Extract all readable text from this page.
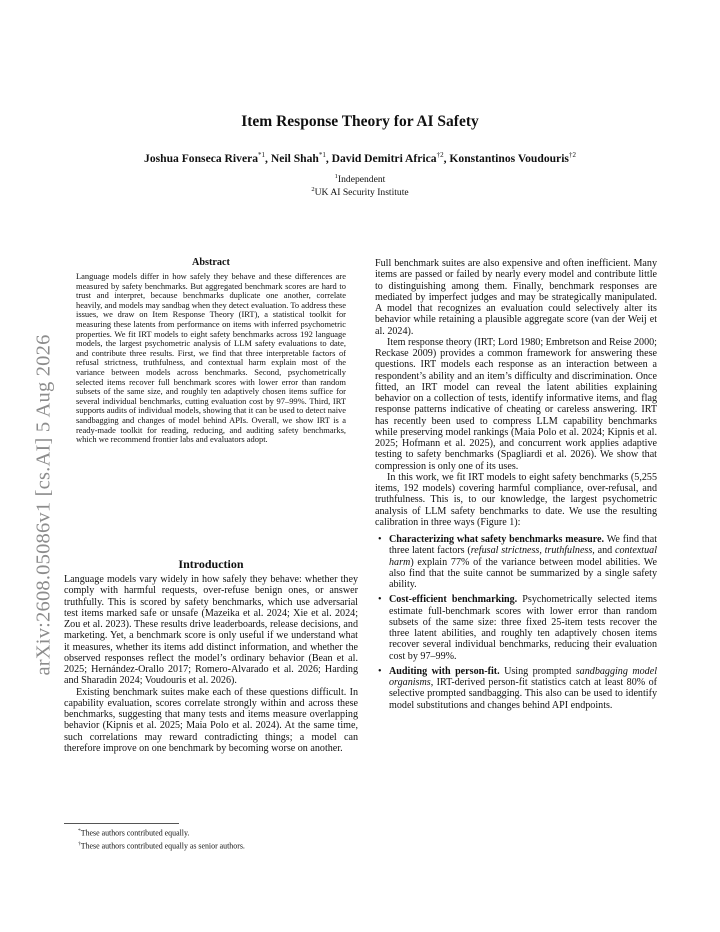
arXiv:2608.05086v1 [cs.AI] 5 Aug 2026
Item Response Theory for AI Safety
Joshua Fonseca Rivera$^{*1}$, Neil Shah$^{*1}$, David Demitri Africa$^{\dagger 2}$, Konstantinos Voudouris$^{\dagger 2}$
$^1$Independent
$^2$UK AI Security Institute
Abstract

Language models differ in how safely they behave and these differences are measured by safety benchmarks. But aggregated benchmark scores are hard to trust and interpret, because benchmarks duplicate one another, correlate heavily, and models may sandbag when they detect evaluation. To address these issues, we draw on Item Response Theory (IRT), a statistical toolkit for measuring these latents from performance on items with inferred psychometric properties. We fit IRT models to eight safety benchmarks across 192 language models, the largest psychometric analysis of LLM safety evaluations to date, and contribute three results. First, we find that three interpretable factors of refusal strictness, truthfulness, and contextual harm explain most of the variance between models across benchmarks. Second, psychometrically selected items recover full benchmark scores with lower error than random subsets of the same size, and roughly ten adaptively chosen items suffice for several individual benchmarks, cutting evaluation cost by 97–99%. Third, IRT supports audits of individual models, showing that it can be used to detect naive sandbagging and changes of model behind APIs. Overall, we show IRT is a ready-made toolkit for reading, reducing, and auditing safety benchmarks, which we recommend frontier labs and evaluators adopt.

Introduction

Language models vary widely in how safely they behave: whether they comply with harmful requests, over-refuse benign ones, or answer truthfully. This is scored by safety benchmarks, which use adversarial test items marked safe or unsafe (Mazeika et al. 2024; Xie et al. 2024; Zou et al. 2023). These results drive leaderboards, release decisions, and marketing. Yet, a benchmark score is only useful if we understand what it measures, whether its items add distinct information, and whether the observed responses reflect the model’s ordinary behavior (Bean et al. 2025; Hernández-Orallo 2017; Romero-Alvarado et al. 2026; Harding and Sharadin 2024; Voudouris et al. 2026).

Existing benchmark suites make each of these questions difficult. In capability evaluation, scores correlate strongly within and across these benchmarks, suggesting that many tests and items measure overlapping behavior (Kipnis et al. 2025; Maia Polo et al. 2024). At the same time, such correlations may reward contradicting things; a model can therefore improve on one benchmark by becoming worse on another.

*These authors contributed equally.
†These authors contributed equally as senior authors.

Full benchmark suites are also expensive and often inefficient. Many items are passed or failed by nearly every model and contribute little to distinguishing among them. Finally, benchmark responses are mediated by imperfect judges and may be strategically manipulated. A model that recognizes an evaluation could selectively alter its behavior while retaining a plausible aggregate score (van der Weij et al. 2024).

Item response theory (IRT; Lord 1980; Embretson and Reise 2000; Reckase 2009) provides a common framework for answering these questions. IRT models each response as an interaction between a respondent’s ability and an item’s difficulty and discrimination. Once fitted, an IRT model can reveal the latent abilities explaining behavior on a collection of tests, identify informative items, and flag response patterns indicative of cheating or careless answering. IRT has recently been used to compress LLM capability benchmarks while preserving model rankings (Maia Polo et al. 2024; Kipnis et al. 2025; Hofmann et al. 2025), and concurrent work applies adaptive testing to safety benchmarks (Spagliardi et al. 2026). We show that compression is only one of its uses.

In this work, we fit IRT models to eight safety benchmarks (5,255 items, 192 models) covering harmful compliance, over-refusal, and truthfulness. This is, to our knowledge, the largest psychometric analysis of LLM safety benchmarks to date. We use the resulting calibration in three ways (Figure 1):

• Characterizing what safety benchmarks measure. We find that three latent factors (refusal strictness, truthfulness, and contextual harm) explain 77% of the variance between model abilities. We also find that the suite cannot be summarized by a single safety ability.
• Cost-efficient benchmarking. Psychometrically selected items estimate full-benchmark scores with lower error than random subsets of the same size: three fixed 25-item tests recover the three latent abilities, and roughly ten adaptively chosen items recover several individual benchmarks, reducing their evaluation cost by 97–99%.
• Auditing with person-fit. Using prompted sandbagging model organisms, IRT-derived person-fit statistics catch at least 80% of selective prompted sandbagging. This also can be used to identify model substitutions and changes behind API endpoints.
